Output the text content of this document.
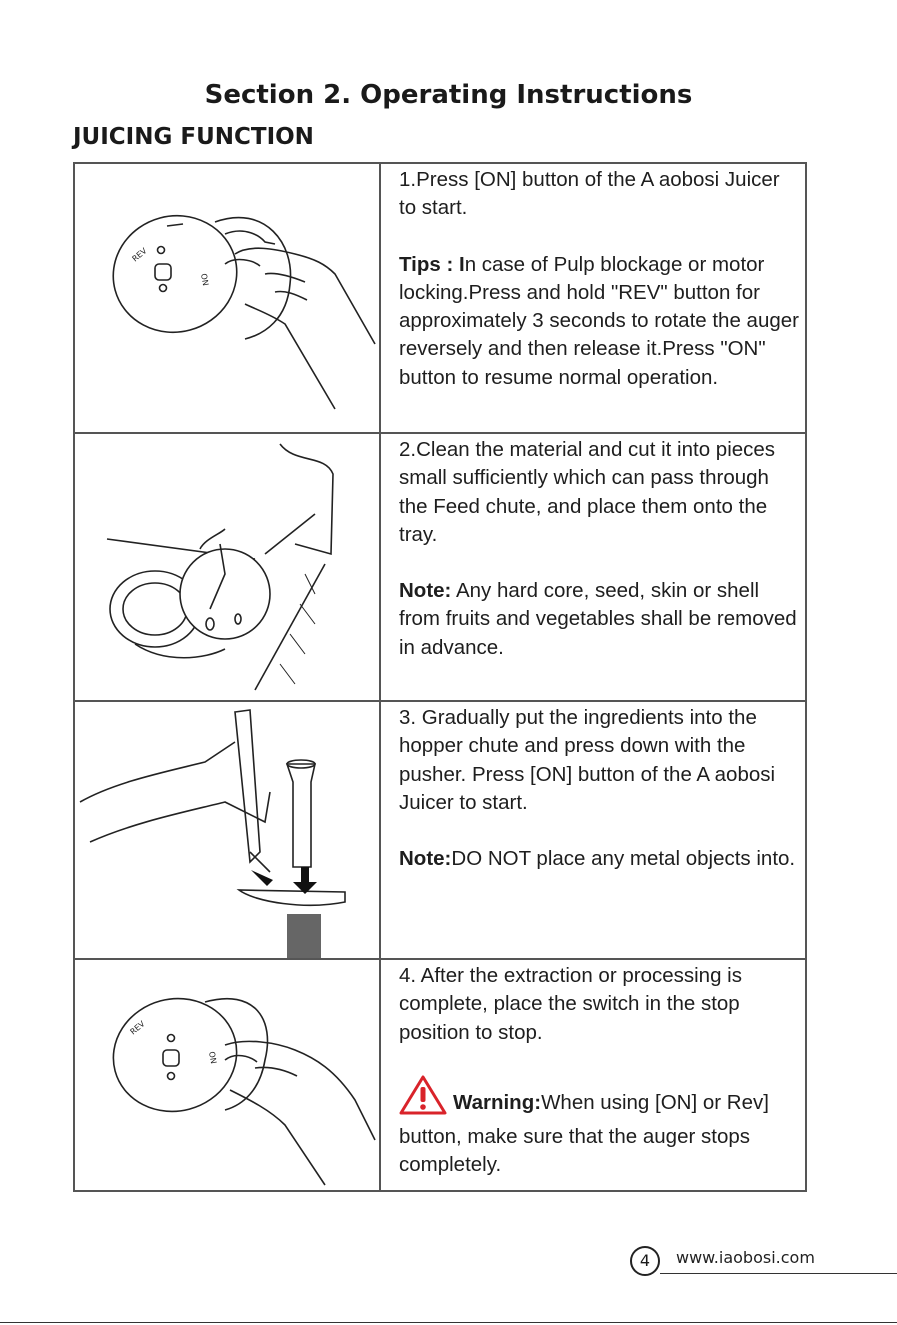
Section 2. Operating Instructions
JUICING FUNCTION
REV
ON

1.Press [ON] button of the A aobosi Juicer to start.

Tips : In case of Pulp blockage or motor locking.Press and hold "REV" button for approximately 3 seconds to rotate the auger reversely and then release it.Press "ON" button to resume normal operation.

2.Clean the material and cut it into pieces small sufficiently which can pass through the Feed chute, and place them onto the tray.

Note: Any hard core, seed, skin or shell from fruits and vegetables shall be removed in advance.

3. Gradually put the ingredients into the hopper chute and press down with the pusher. Press [ON] button of the A aobosi Juicer to start.

Note:DO NOT place any metal objects into.

REV
ON

4. After the extraction or processing is complete, place the switch in the stop position to stop.

Warning:When using [ON] or Rev] button, make sure that the auger stops completely.

4	www.iaobosi.com
